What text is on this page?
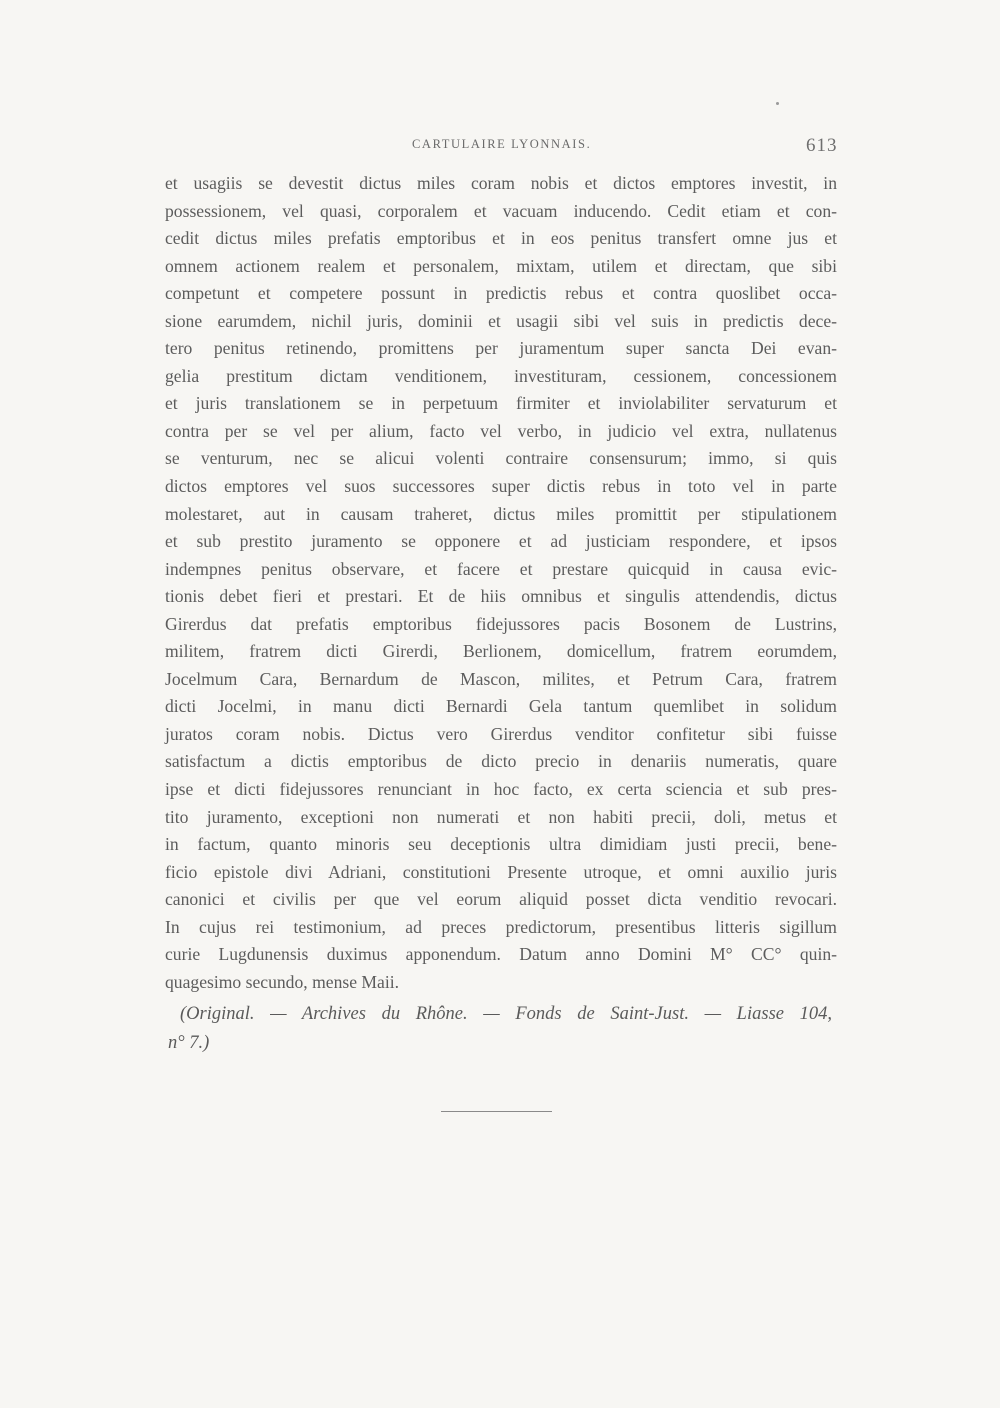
CARTULAIRE LYONNAIS.	613
et usagiis se devestit dictus miles coram nobis et dictos emptores investit, in
possessionem, vel quasi, corporalem et vacuam inducendo. Cedit etiam et con-
cedit dictus miles prefatis emptoribus et in eos penitus transfert omne jus et
omnem actionem realem et personalem, mixtam, utilem et directam, que sibi
competunt et competere possunt in predictis rebus et contra quoslibet occa-
sione earumdem, nichil juris, dominii et usagii sibi vel suis in predictis dece-
tero penitus retinendo, promittens per juramentum super sancta Dei evan-
gelia prestitum dictam venditionem, investituram, cessionem, concessionem
et juris translationem se in perpetuum firmiter et inviolabiliter servaturum et
contra per se vel per alium, facto vel verbo, in judicio vel extra, nullatenus
se venturum, nec se alicui volenti contraire consensurum; immo, si quis
dictos emptores vel suos successores super dictis rebus in toto vel in parte
molestaret, aut in causam traheret, dictus miles promittit per stipulationem
et sub prestito juramento se opponere et ad justiciam respondere, et ipsos
indempnes penitus observare, et facere et prestare quicquid in causa evic-
tionis debet fieri et prestari. Et de hiis omnibus et singulis attendendis, dictus
Girerdus dat prefatis emptoribus fidejussores pacis Bosonem de Lustrins,
militem, fratrem dicti Girerdi, Berlionem, domicellum, fratrem eorumdem,
Jocelmum Cara, Bernardum de Mascon, milites, et Petrum Cara, fratrem
dicti Jocelmi, in manu dicti Bernardi Gela tantum quemlibet in solidum
juratos coram nobis. Dictus vero Girerdus venditor confitetur sibi fuisse
satisfactum a dictis emptoribus de dicto precio in denariis numeratis, quare
ipse et dicti fidejussores renunciant in hoc facto, ex certa sciencia et sub pres-
tito juramento, exceptioni non numerati et non habiti precii, doli, metus et
in factum, quanto minoris seu deceptionis ultra dimidiam justi precii, bene-
ficio epistole divi Adriani, constitutioni Presente utroque, et omni auxilio juris
canonici et civilis per que vel eorum aliquid posset dicta venditio revocari.
In cujus rei testimonium, ad preces predictorum, presentibus litteris sigillum
curie Lugdunensis duximus apponendum. Datum anno Domini M° CC° quin-
quagesimo secundo, mense Maii.
(Original. — Archives du Rhône. — Fonds de Saint-Just. — Liasse 104,
n° 7.)
